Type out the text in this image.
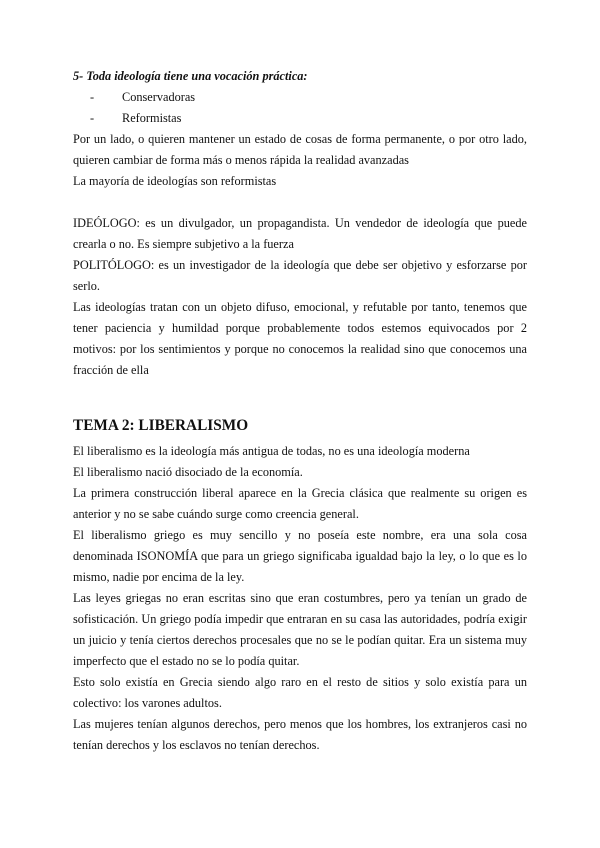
5- Toda ideología tiene una vocación práctica:

-	Conservadoras
-	Reformistas

Por un lado, o quieren mantener un estado de cosas de forma permanente, o por otro lado, quieren cambiar de forma más o menos rápida la realidad avanzadas

La mayoría de ideologías son reformistas

IDEÓLOGO: es un divulgador, un propagandista. Un vendedor de ideología que puede crearla o no. Es siempre subjetivo a la fuerza

POLITÓLOGO: es un investigador de la ideología que debe ser objetivo y esforzarse por serlo.

Las ideologías tratan con un objeto difuso, emocional, y refutable por tanto, tenemos que tener paciencia y humildad porque probablemente todos estemos equivocados por 2 motivos: por los sentimientos y porque no conocemos la realidad sino que conocemos una fracción de ella

TEMA 2: LIBERALISMO

El liberalismo es la ideología más antigua de todas, no es una ideología moderna

El liberalismo nació disociado de la economía.

La primera construcción liberal aparece en la Grecia clásica que realmente su origen es anterior y no se sabe cuándo surge como creencia general.

El liberalismo griego es muy sencillo y no poseía este nombre, era una sola cosa denominada ISONOMÍA que para un griego significaba igualdad bajo la ley, o lo que es lo mismo, nadie por encima de la ley.

Las leyes griegas no eran escritas sino que eran costumbres, pero ya tenían un grado de sofisticación. Un griego podía impedir que entraran en su casa las autoridades, podría exigir un juicio y tenía ciertos derechos procesales que no se le podían quitar. Era un sistema muy imperfecto que el estado no se lo podía quitar.

Esto solo existía en Grecia siendo algo raro en el resto de sitios y solo existía para un colectivo: los varones adultos.

Las mujeres tenían algunos derechos, pero menos que los hombres, los extranjeros casi no tenían derechos y los esclavos no tenían derechos.
